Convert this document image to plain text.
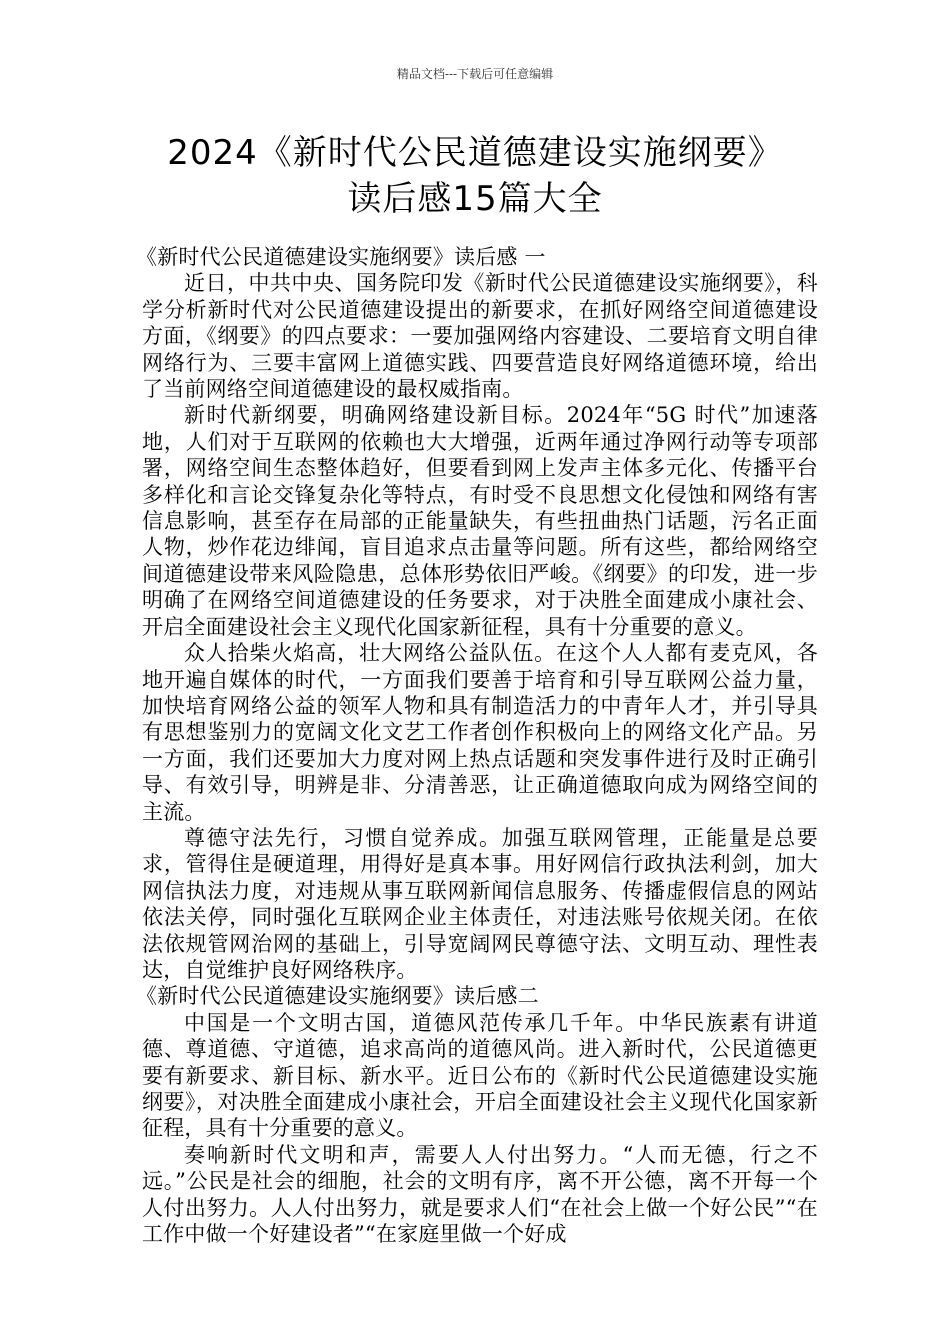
精品文档---下载后可任意编辑
2024《新时代公民道德建设实施纲要》
读后感15篇大全

《新时代公民道德建设实施纲要》读后感 一

近日，中共中央、国务院印发《新时代公民道德建设实施纲要》，科学分析新时代对公民道德建设提出的新要求，在抓好网络空间道德建设方面，《纲要》的四点要求：一要加强网络内容建设、二要培育文明自律网络行为、三要丰富网上道德实践、四要营造良好网络道德环境，给出了当前网络空间道德建设的最权威指南。

新时代新纲要，明确网络建设新目标。2024年“5G 时代”加速落地，人们对于互联网的依赖也大大增强，近两年通过净网行动等专项部署，网络空间生态整体趋好，但要看到网上发声主体多元化、传播平台多样化和言论交锋复杂化等特点，有时受不良思想文化侵蚀和网络有害信息影响，甚至存在局部的正能量缺失，有些扭曲热门话题，污名正面人物，炒作花边绯闻，盲目追求点击量等问题。所有这些，都给网络空间道德建设带来风险隐患，总体形势依旧严峻。《纲要》的印发，进一步明确了在网络空间道德建设的任务要求，对于决胜全面建成小康社会、开启全面建设社会主义现代化国家新征程，具有十分重要的意义。

众人拾柴火焰高，壮大网络公益队伍。在这个人人都有麦克风，各地开遍自媒体的时代，一方面我们要善于培育和引导互联网公益力量，加快培育网络公益的领军人物和具有制造活力的中青年人才，并引导具有思想鉴别力的宽阔文化文艺工作者创作积极向上的网络文化产品。另一方面，我们还要加大力度对网上热点话题和突发事件进行及时正确引导、有效引导，明辨是非、分清善恶，让正确道德取向成为网络空间的主流。

尊德守法先行，习惯自觉养成。加强互联网管理，正能量是总要求，管得住是硬道理，用得好是真本事。用好网信行政执法利剑，加大网信执法力度，对违规从事互联网新闻信息服务、传播虚假信息的网站依法关停，同时强化互联网企业主体责任，对违法账号依规关闭。在依法依规管网治网的基础上，引导宽阔网民尊德守法、文明互动、理性表达，自觉维护良好网络秩序。

《新时代公民道德建设实施纲要》读后感二

中国是一个文明古国，道德风范传承几千年。中华民族素有讲道德、尊道德、守道德，追求高尚的道德风尚。进入新时代，公民道德更要有新要求、新目标、新水平。近日公布的《新时代公民道德建设实施纲要》，对决胜全面建成小康社会，开启全面建设社会主义现代化国家新征程，具有十分重要的意义。

奏响新时代文明和声，需要人人付出努力。“人而无德，行之不远。”公民是社会的细胞，社会的文明有序，离不开公德，离不开每一个人付出努力。人人付出努力，就是要求人们“在社会上做一个好公民”“在工作中做一个好建设者”“在家庭里做一个好成
